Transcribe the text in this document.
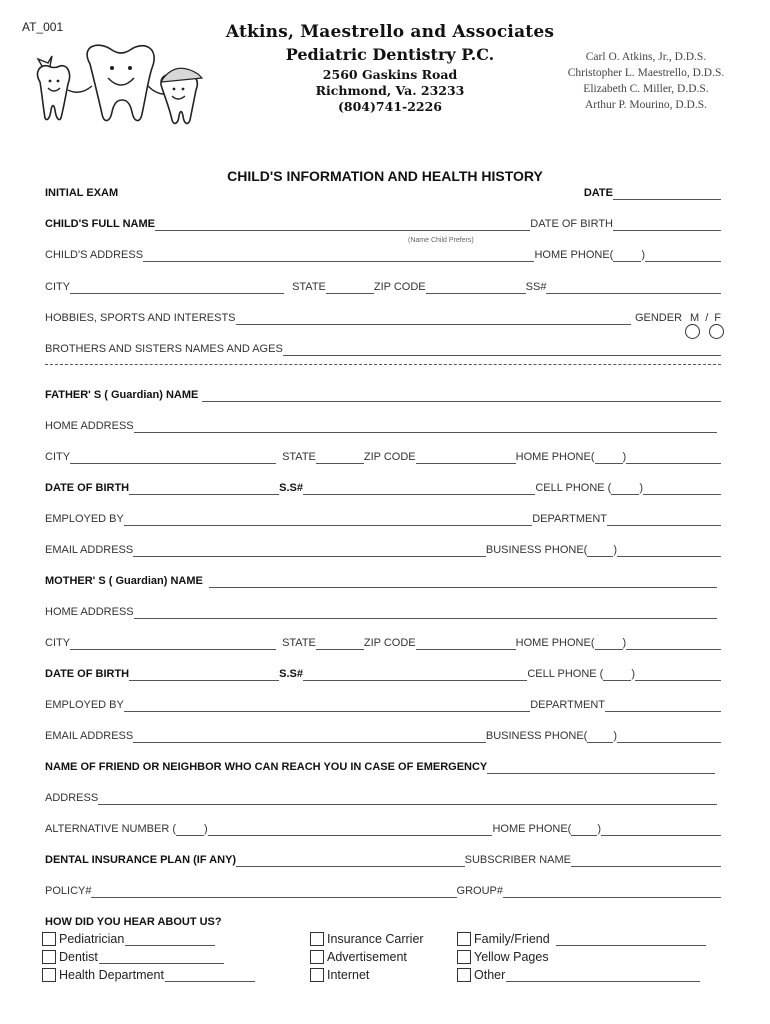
AT_001	Atkins, Maestrello and Associates
Pediatric Dentistry P.C.
2560 Gaskins Road
Richmond, Va. 23233
(804)741-2226
Carl O. Atkins, Jr., D.D.S.
Christopher L. Maestrello, D.D.S.
Elizabeth C. Miller, D.D.S.
Arthur P. Mourino, D.D.S.
CHILD'S INFORMATION AND HEALTH HISTORY
INITIAL EXAM	DATE
CHILD'S FULL NAME	DATE OF BIRTH
(Name Child Prefers)
CHILD'S ADDRESS	HOME PHONE(	)
CITY	STATE	ZIP CODE	SS#
HOBBIES, SPORTS AND INTERESTS	GENDER M / F
BROTHERS AND SISTERS NAMES AND AGES
FATHER' S ( Guardian) NAME
HOME ADDRESS
CITY	STATE	ZIP CODE	HOME PHONE(	)
DATE OF BIRTH	S.S#	CELL PHONE (	)
EMPLOYED BY	DEPARTMENT
EMAIL ADDRESS	BUSINESS PHONE( )
MOTHER' S ( Guardian) NAME
HOME ADDRESS
CITY	STATE	ZIP CODE	HOME PHONE(	)
DATE OF BIRTH	S.S#	CELL PHONE (	)
EMPLOYED BY	DEPARTMENT
EMAIL ADDRESS	BUSINESS PHONE( )
NAME OF FRIEND OR NEIGHBOR WHO CAN REACH YOU IN CASE OF EMERGENCY
ADDRESS
ALTERNATIVE NUMBER (	)	HOME PHONE( )
DENTAL INSURANCE PLAN (IF ANY)	SUBSCRIBER NAME
POLICY#	GROUP#
HOW DID YOU HEAR ABOUT US?
Pediatrician
Dentist
Health Department
Insurance Carrier
Advertisement
Internet
Family/Friend
Yellow Pages
Other
